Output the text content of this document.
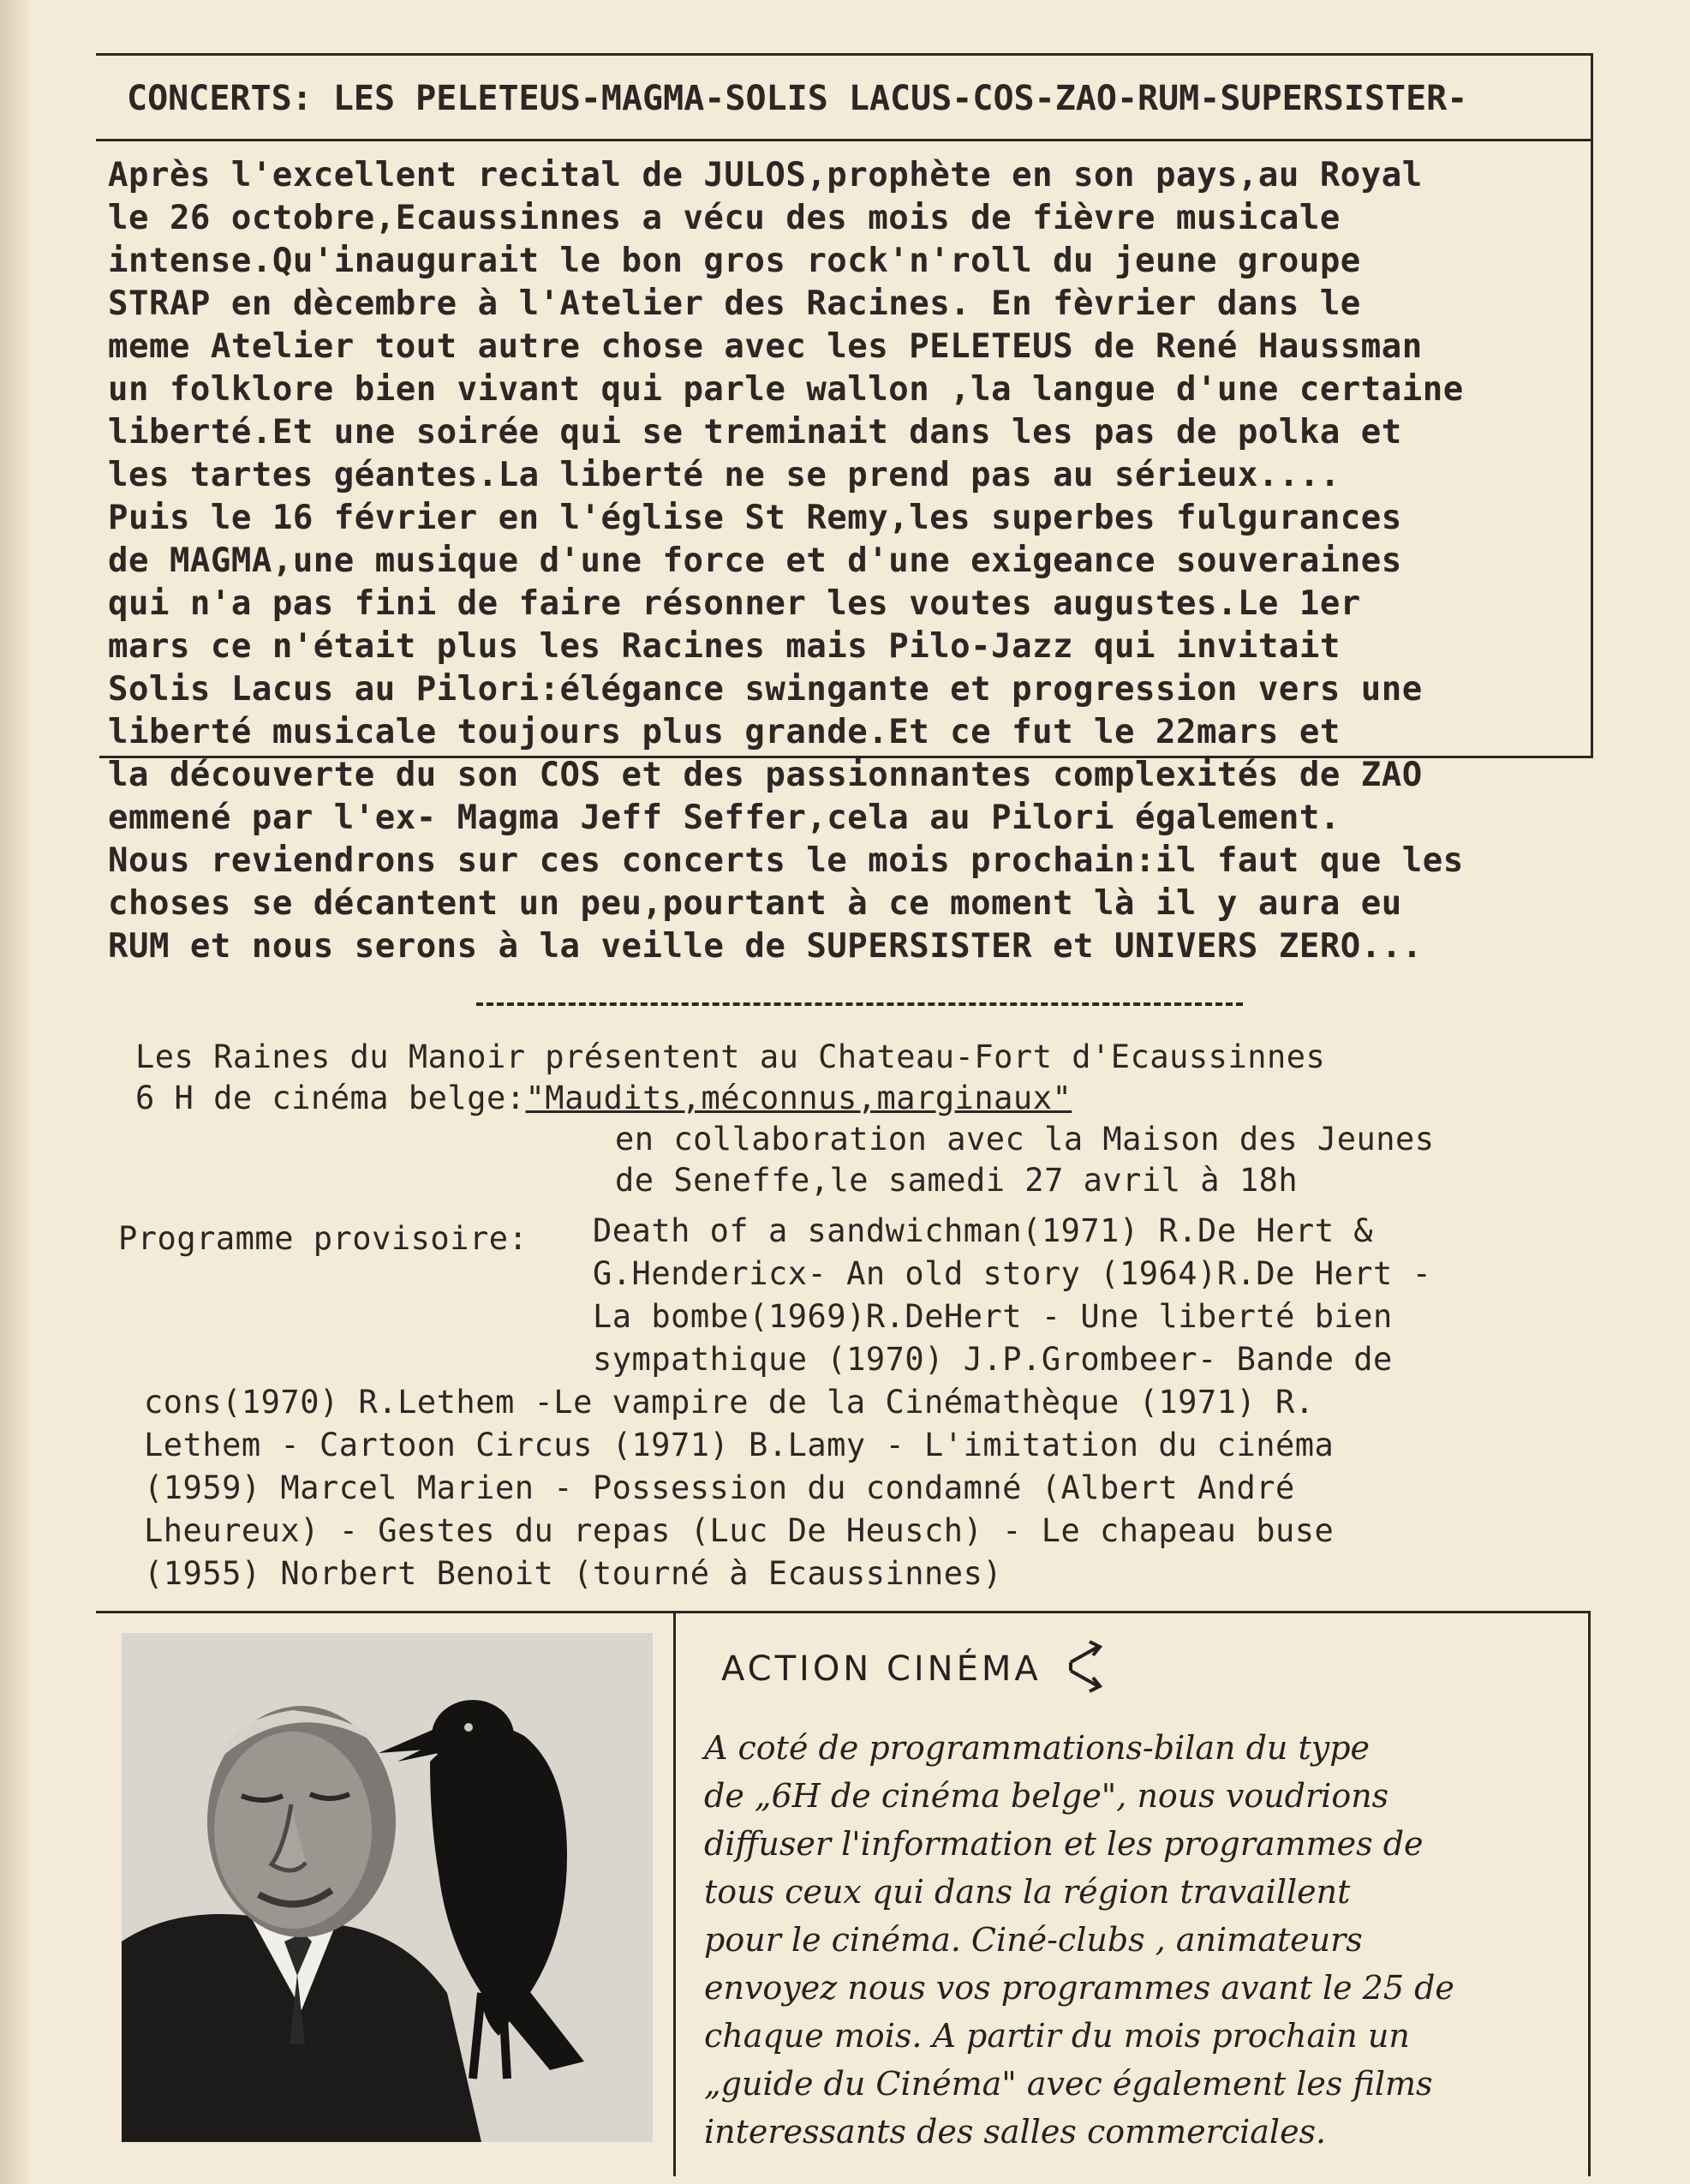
CONCERTS: LES PELETEUS-MAGMA-SOLIS LACUS-COS-ZAO-RUM-SUPERSISTER-
Après l'excellent recital de JULOS,prophète en son pays,au Royal
le 26 octobre,Ecaussinnes a vécu des mois de fièvre musicale
intense.Qu'inaugurait le bon gros rock'n'roll du jeune groupe
STRAP en dècembre à l'Atelier des Racines. En fèvrier dans le
meme Atelier tout autre chose avec les PELETEUS de René Haussman
un folklore bien vivant qui parle wallon ,la langue d'une certaine
liberté.Et une soirée qui se treminait dans les pas de polka et
les tartes géantes.La liberté ne se prend pas au sérieux....
Puis le 16 février en l'église St Remy,les superbes fulgurances
de MAGMA,une musique d'une force et d'une exigeance souveraines
qui n'a pas fini de faire résonner les voutes augustes.Le 1er
mars ce n'était plus les Racines mais Pilo-Jazz qui invitait
Solis Lacus au Pilori:élégance swingante et progression vers une
liberté musicale toujours plus grande.Et ce fut le 22mars et
la découverte du son COS et des passionnantes complexités de ZAO
emmené par l'ex- Magma Jeff Seffer,cela au Pilori également.
Nous reviendrons sur ces concerts le mois prochain:il faut que les
choses se décantent un peu,pourtant à ce moment là il y aura eu
RUM et nous serons à la veille de SUPERSISTER et UNIVERS ZERO...
Les Raines du Manoir présentent au Chateau-Fort d'Ecaussinnes
6 H de cinéma belge:"Maudits,méconnus,marginaux"
en collaboration avec la Maison des Jeunes
de Seneffe,le samedi 27 avril à 18h
Programme provisoire: Death of a sandwichman(1971) R.De Hert &
G.Hendericx- An old story (1964)R.De Hert -
La bombe(1969)R.DeHert - Une liberté bien
sympathique (1970) J.P.Grombeer- Bande de
cons(1970) R.Lethem -Le vampire de la Cinémathèque (1971) R.
Lethem - Cartoon Circus (1971) B.Lamy - L'imitation du cinéma
(1959) Marcel Marien - Possession du condamné (Albert André
Lheureux) - Gestes du repas (Luc De Heusch) - Le chapeau buse
(1955) Norbert Benoit (tourné à Ecaussinnes)
ACTION CINÉMA
A coté de programmations-bilan du type
de „6H de cinéma belge", nous voudrions
diffuser l'information et les programmes de
tous ceux qui dans la région travaillent
pour le cinéma. Ciné-clubs , animateurs
envoyez nous vos programmes avant le 25 de
chaque mois. A partir du mois prochain un
„guide du Cinéma" avec également les films
interessants des salles commerciales.
